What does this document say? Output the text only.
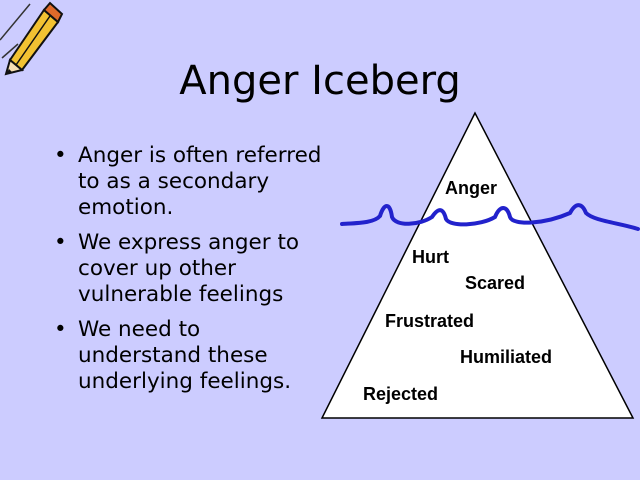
Anger Iceberg
• Anger is often referred to as a secondary emotion.
• We express anger to cover up other vulnerable feelings
• We need to understand these underlying feelings.
Anger
Hurt
Scared
Frustrated
Humiliated
Rejected
